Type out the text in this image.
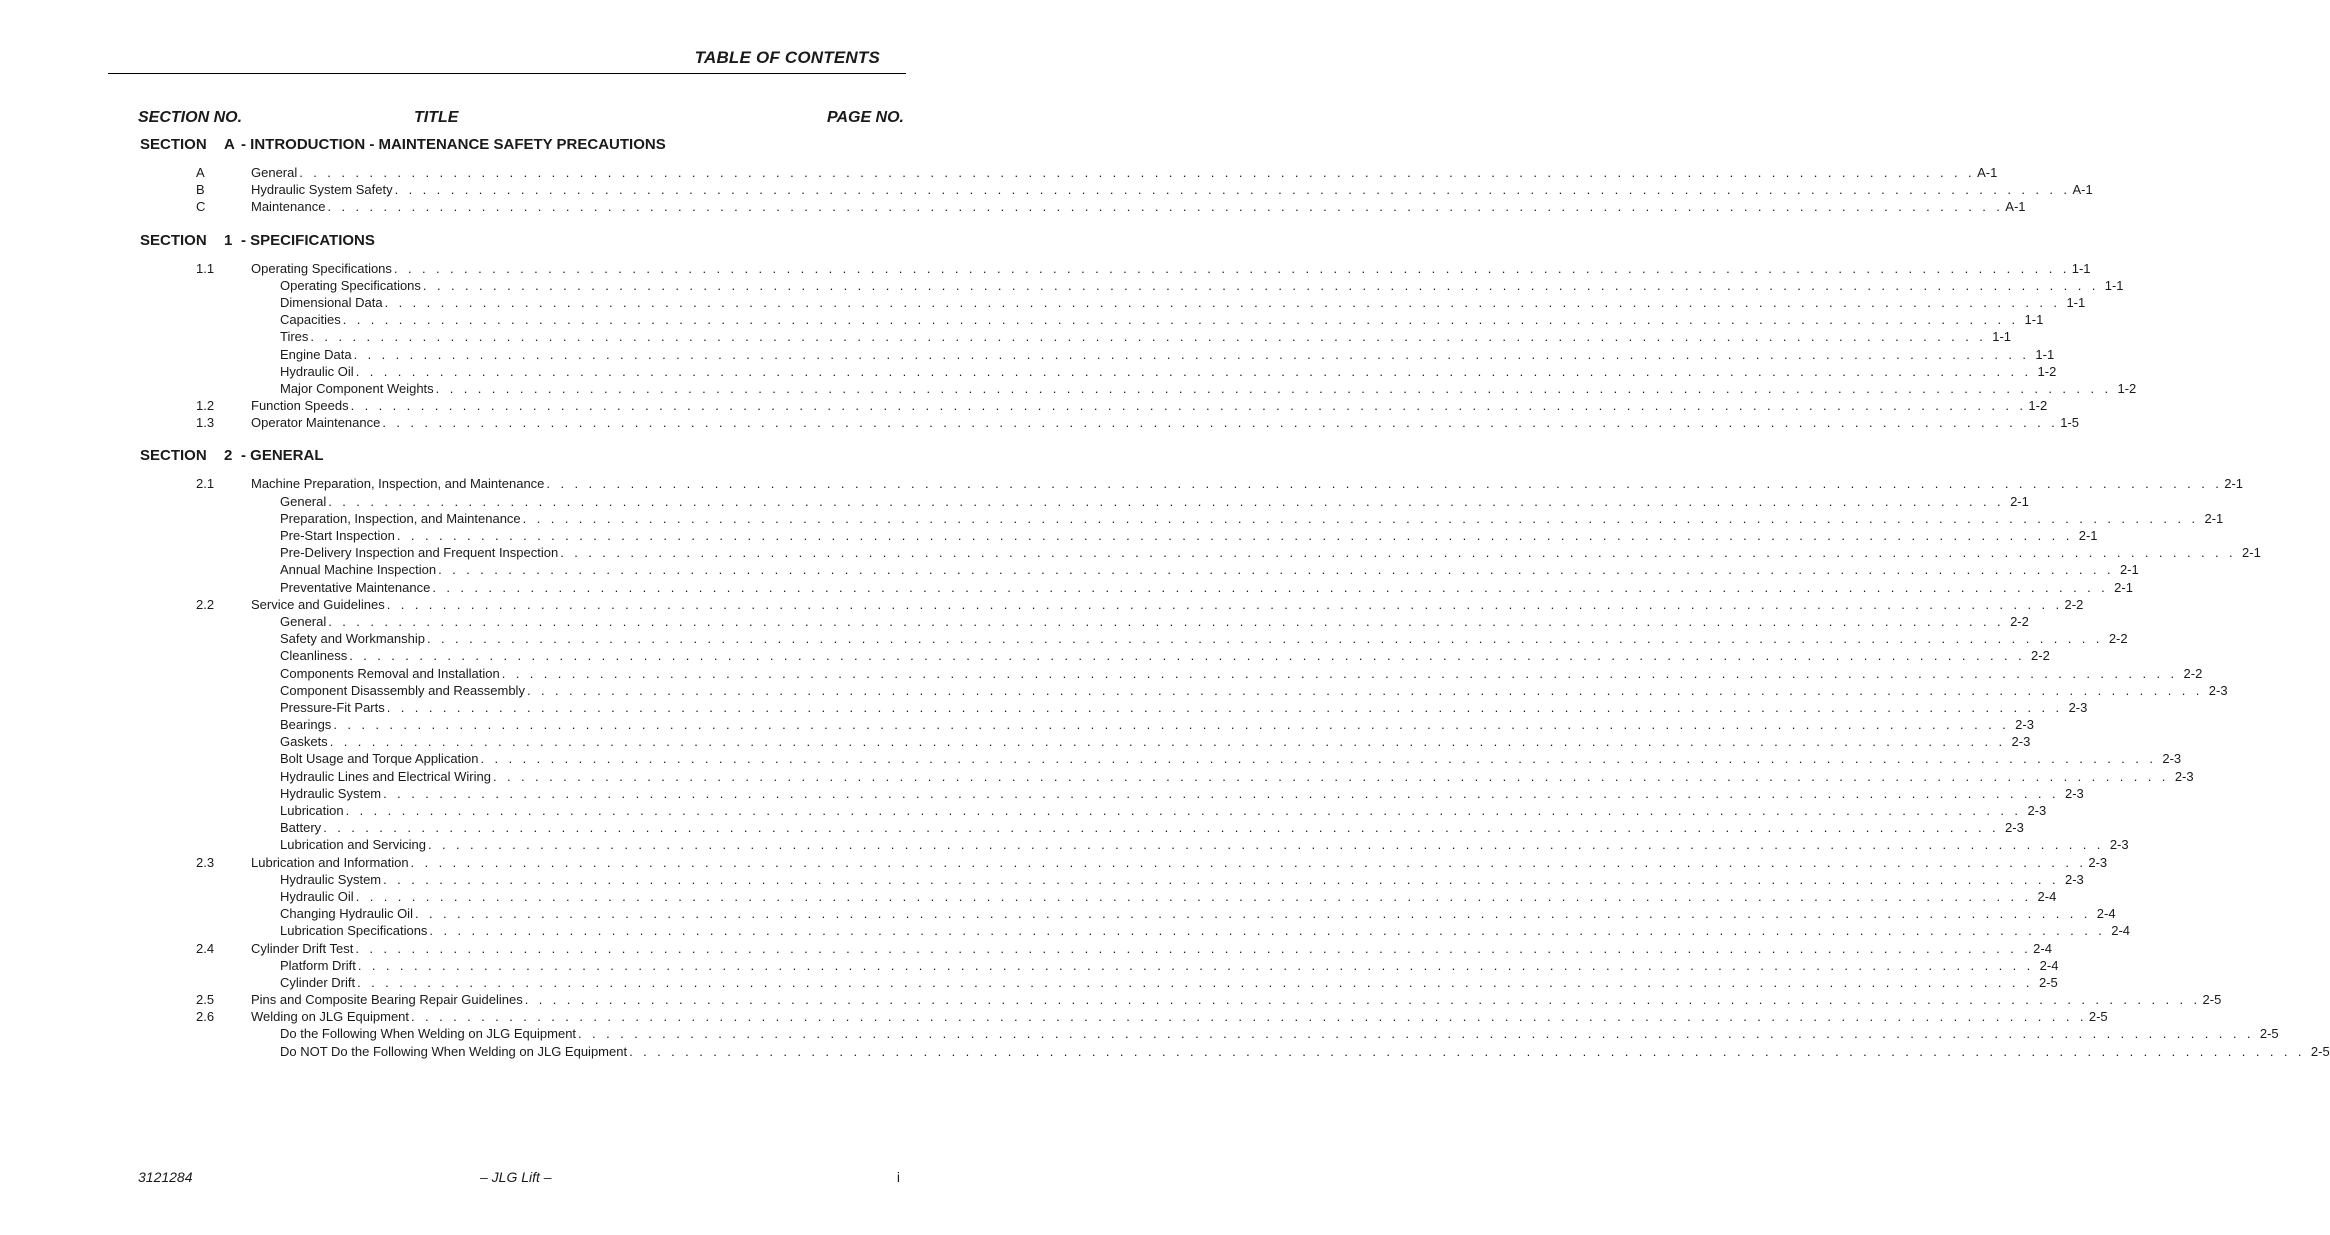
TABLE OF CONTENTS
SECTION NO.	TITLE	PAGE NO.
SECTION A - INTRODUCTION - MAINTENANCE SAFETY PRECAUTIONS
A	General . . . . . . . . . . . . . . . . . . . . . . . . . . . . . . . . . . . . . . . . . . . . . . . . . . . . . . . . . . . . . . . . . . . . . . . . . . . . . . . . . . . . . . . . . . . . . . . . . . . . . . . . . . . . . . . . . . . . . . . . A-1
B	Hydraulic System Safety . . . . . . . . . . . . . . . . . . . . . . . . . . . . . . . . . . . . . . . . . . . . . . . . . . . . . . . . . . . . . . . . . . . . . . . . . . . . . . . . . . . . . . . . . . . . . . . . . . . . . . . . . . . . . . . . . . . . . . . . A-1
C	Maintenance . . . . . . . . . . . . . . . . . . . . . . . . . . . . . . . . . . . . . . . . . . . . . . . . . . . . . . . . . . . . . . . . . . . . . . . . . . . . . . . . . . . . . . . . . . . . . . . . . . . . . . . . . . . . . . . . . . . . . . . . A-1
SECTION 1 - SPECIFICATIONS
1.1	Operating Specifications . . . . . . . . . . . . . . . . . . . . . . . . . . . . . . . . . . . . . . . . . . . . . . . . . . . . . . . . . . . . . . . . . . . . . . . . . . . . . . . . . . . . . . . . . . . . . . . . . . . . . . . . . . . . . . . . . . . . . . . . 1-1
Operating Specifications . . . . . . . . . . . . . . . . . . . . . . . . . . . . . . . . . . . . . . . . . . . . . . . . . . . . . . . . . . . . . . . . . . . . . . . . . . . . . . . . . . . . . . . . . . . . . . . . . . . . . . . . . . . . . . . . . . . . . . . . 1-1
Dimensional Data . . . . . . . . . . . . . . . . . . . . . . . . . . . . . . . . . . . . . . . . . . . . . . . . . . . . . . . . . . . . . . . . . . . . . . . . . . . . . . . . . . . . . . . . . . . . . . . . . . . . . . . . . . . . . . . . . . . . . . . . 1-1
Capacities . . . . . . . . . . . . . . . . . . . . . . . . . . . . . . . . . . . . . . . . . . . . . . . . . . . . . . . . . . . . . . . . . . . . . . . . . . . . . . . . . . . . . . . . . . . . . . . . . . . . . . . . . . . . . . . . . . . . . . . . 1-1
Tires . . . . . . . . . . . . . . . . . . . . . . . . . . . . . . . . . . . . . . . . . . . . . . . . . . . . . . . . . . . . . . . . . . . . . . . . . . . . . . . . . . . . . . . . . . . . . . . . . . . . . . . . . . . . . . . . . . . . . . . . 1-1
Engine Data . . . . . . . . . . . . . . . . . . . . . . . . . . . . . . . . . . . . . . . . . . . . . . . . . . . . . . . . . . . . . . . . . . . . . . . . . . . . . . . . . . . . . . . . . . . . . . . . . . . . . . . . . . . . . . . . . . . . . . . . 1-1
Hydraulic Oil . . . . . . . . . . . . . . . . . . . . . . . . . . . . . . . . . . . . . . . . . . . . . . . . . . . . . . . . . . . . . . . . . . . . . . . . . . . . . . . . . . . . . . . . . . . . . . . . . . . . . . . . . . . . . . . . . . . . . . . . 1-2
Major Component Weights . . . . . . . . . . . . . . . . . . . . . . . . . . . . . . . . . . . . . . . . . . . . . . . . . . . . . . . . . . . . . . . . . . . . . . . . . . . . . . . . . . . . . . . . . . . . . . . . . . . . . . . . . . . . . . . . . . . . . . . . 1-2
1.2	Function Speeds . . . . . . . . . . . . . . . . . . . . . . . . . . . . . . . . . . . . . . . . . . . . . . . . . . . . . . . . . . . . . . . . . . . . . . . . . . . . . . . . . . . . . . . . . . . . . . . . . . . . . . . . . . . . . . . . . . . . . . . . 1-2
1.3	Operator Maintenance . . . . . . . . . . . . . . . . . . . . . . . . . . . . . . . . . . . . . . . . . . . . . . . . . . . . . . . . . . . . . . . . . . . . . . . . . . . . . . . . . . . . . . . . . . . . . . . . . . . . . . . . . . . . . . . . . . . . . . . . 1-5
SECTION 2 - GENERAL
2.1	Machine Preparation, Inspection, and Maintenance . . . . . . . . . . . . . . . . . . . . . . . . . . . . . . . . . . . . . . . . . . . . . . . . . . . . . . . . . . . . . . . . . . . . . . . . . . . . . . . . . . . . . . . . . . . . . . . . . . . . . . . . . . . . . . . . . . . . . . . . 2-1
General . . . . . . . . . . . . . . . . . . . . . . . . . . . . . . . . . . . . . . . . . . . . . . . . . . . . . . . . . . . . . . . . . . . . . . . . . . . . . . . . . . . . . . . . . . . . . . . . . . . . . . . . . . . . . . . . . . . . . . . . 2-1
Preparation, Inspection, and Maintenance . . . . . . . . . . . . . . . . . . . . . . . . . . . . . . . . . . . . . . . . . . . . . . . . . . . . . . . . . . . . . . . . . . . . . . . . . . . . . . . . . . . . . . . . . . . . . . . . . . . . . . . . . . . . . . . . . . . . . . . . 2-1
Pre-Start Inspection . . . . . . . . . . . . . . . . . . . . . . . . . . . . . . . . . . . . . . . . . . . . . . . . . . . . . . . . . . . . . . . . . . . . . . . . . . . . . . . . . . . . . . . . . . . . . . . . . . . . . . . . . . . . . . . . . . . . . . . . 2-1
Pre-Delivery Inspection and Frequent Inspection . . . . . . . . . . . . . . . . . . . . . . . . . . . . . . . . . . . . . . . . . . . . . . . . . . . . . . . . . . . . . . . . . . . . . . . . . . . . . . . . . . . . . . . . . . . . . . . . . . . . . . . . . . . . . . . . . . . . . . . . 2-1
Annual Machine Inspection . . . . . . . . . . . . . . . . . . . . . . . . . . . . . . . . . . . . . . . . . . . . . . . . . . . . . . . . . . . . . . . . . . . . . . . . . . . . . . . . . . . . . . . . . . . . . . . . . . . . . . . . . . . . . . . . . . . . . . . . 2-1
Preventative Maintenance . . . . . . . . . . . . . . . . . . . . . . . . . . . . . . . . . . . . . . . . . . . . . . . . . . . . . . . . . . . . . . . . . . . . . . . . . . . . . . . . . . . . . . . . . . . . . . . . . . . . . . . . . . . . . . . . . . . . . . . . 2-1
2.2	Service and Guidelines . . . . . . . . . . . . . . . . . . . . . . . . . . . . . . . . . . . . . . . . . . . . . . . . . . . . . . . . . . . . . . . . . . . . . . . . . . . . . . . . . . . . . . . . . . . . . . . . . . . . . . . . . . . . . . . . . . . . . . . . 2-2
General . . . . . . . . . . . . . . . . . . . . . . . . . . . . . . . . . . . . . . . . . . . . . . . . . . . . . . . . . . . . . . . . . . . . . . . . . . . . . . . . . . . . . . . . . . . . . . . . . . . . . . . . . . . . . . . . . . . . . . . . 2-2
Safety and Workmanship . . . . . . . . . . . . . . . . . . . . . . . . . . . . . . . . . . . . . . . . . . . . . . . . . . . . . . . . . . . . . . . . . . . . . . . . . . . . . . . . . . . . . . . . . . . . . . . . . . . . . . . . . . . . . . . . . . . . . . . . 2-2
Cleanliness . . . . . . . . . . . . . . . . . . . . . . . . . . . . . . . . . . . . . . . . . . . . . . . . . . . . . . . . . . . . . . . . . . . . . . . . . . . . . . . . . . . . . . . . . . . . . . . . . . . . . . . . . . . . . . . . . . . . . . . . 2-2
Components Removal and Installation . . . . . . . . . . . . . . . . . . . . . . . . . . . . . . . . . . . . . . . . . . . . . . . . . . . . . . . . . . . . . . . . . . . . . . . . . . . . . . . . . . . . . . . . . . . . . . . . . . . . . . . . . . . . . . . . . . . . . . . . 2-2
Component Disassembly and Reassembly . . . . . . . . . . . . . . . . . . . . . . . . . . . . . . . . . . . . . . . . . . . . . . . . . . . . . . . . . . . . . . . . . . . . . . . . . . . . . . . . . . . . . . . . . . . . . . . . . . . . . . . . . . . . . . . . . . . . . . . . 2-3
Pressure-Fit Parts . . . . . . . . . . . . . . . . . . . . . . . . . . . . . . . . . . . . . . . . . . . . . . . . . . . . . . . . . . . . . . . . . . . . . . . . . . . . . . . . . . . . . . . . . . . . . . . . . . . . . . . . . . . . . . . . . . . . . . . . 2-3
Bearings . . . . . . . . . . . . . . . . . . . . . . . . . . . . . . . . . . . . . . . . . . . . . . . . . . . . . . . . . . . . . . . . . . . . . . . . . . . . . . . . . . . . . . . . . . . . . . . . . . . . . . . . . . . . . . . . . . . . . . . . 2-3
Gaskets . . . . . . . . . . . . . . . . . . . . . . . . . . . . . . . . . . . . . . . . . . . . . . . . . . . . . . . . . . . . . . . . . . . . . . . . . . . . . . . . . . . . . . . . . . . . . . . . . . . . . . . . . . . . . . . . . . . . . . . . 2-3
Bolt Usage and Torque Application . . . . . . . . . . . . . . . . . . . . . . . . . . . . . . . . . . . . . . . . . . . . . . . . . . . . . . . . . . . . . . . . . . . . . . . . . . . . . . . . . . . . . . . . . . . . . . . . . . . . . . . . . . . . . . . . . . . . . . . . 2-3
Hydraulic Lines and Electrical Wiring . . . . . . . . . . . . . . . . . . . . . . . . . . . . . . . . . . . . . . . . . . . . . . . . . . . . . . . . . . . . . . . . . . . . . . . . . . . . . . . . . . . . . . . . . . . . . . . . . . . . . . . . . . . . . . . . . . . . . . . . 2-3
Hydraulic System . . . . . . . . . . . . . . . . . . . . . . . . . . . . . . . . . . . . . . . . . . . . . . . . . . . . . . . . . . . . . . . . . . . . . . . . . . . . . . . . . . . . . . . . . . . . . . . . . . . . . . . . . . . . . . . . . . . . . . . . 2-3
Lubrication . . . . . . . . . . . . . . . . . . . . . . . . . . . . . . . . . . . . . . . . . . . . . . . . . . . . . . . . . . . . . . . . . . . . . . . . . . . . . . . . . . . . . . . . . . . . . . . . . . . . . . . . . . . . . . . . . . . . . . . . 2-3
Battery . . . . . . . . . . . . . . . . . . . . . . . . . . . . . . . . . . . . . . . . . . . . . . . . . . . . . . . . . . . . . . . . . . . . . . . . . . . . . . . . . . . . . . . . . . . . . . . . . . . . . . . . . . . . . . . . . . . . . . . . 2-3
Lubrication and Servicing . . . . . . . . . . . . . . . . . . . . . . . . . . . . . . . . . . . . . . . . . . . . . . . . . . . . . . . . . . . . . . . . . . . . . . . . . . . . . . . . . . . . . . . . . . . . . . . . . . . . . . . . . . . . . . . . . . . . . . . . 2-3
2.3	Lubrication and Information . . . . . . . . . . . . . . . . . . . . . . . . . . . . . . . . . . . . . . . . . . . . . . . . . . . . . . . . . . . . . . . . . . . . . . . . . . . . . . . . . . . . . . . . . . . . . . . . . . . . . . . . . . . . . . . . . . . . . . . . 2-3
Hydraulic System . . . . . . . . . . . . . . . . . . . . . . . . . . . . . . . . . . . . . . . . . . . . . . . . . . . . . . . . . . . . . . . . . . . . . . . . . . . . . . . . . . . . . . . . . . . . . . . . . . . . . . . . . . . . . . . . . . . . . . . . 2-3
Hydraulic Oil . . . . . . . . . . . . . . . . . . . . . . . . . . . . . . . . . . . . . . . . . . . . . . . . . . . . . . . . . . . . . . . . . . . . . . . . . . . . . . . . . . . . . . . . . . . . . . . . . . . . . . . . . . . . . . . . . . . . . . . . 2-4
Changing Hydraulic Oil . . . . . . . . . . . . . . . . . . . . . . . . . . . . . . . . . . . . . . . . . . . . . . . . . . . . . . . . . . . . . . . . . . . . . . . . . . . . . . . . . . . . . . . . . . . . . . . . . . . . . . . . . . . . . . . . . . . . . . . . 2-4
Lubrication Specifications . . . . . . . . . . . . . . . . . . . . . . . . . . . . . . . . . . . . . . . . . . . . . . . . . . . . . . . . . . . . . . . . . . . . . . . . . . . . . . . . . . . . . . . . . . . . . . . . . . . . . . . . . . . . . . . . . . . . . . . . 2-4
2.4	Cylinder Drift Test . . . . . . . . . . . . . . . . . . . . . . . . . . . . . . . . . . . . . . . . . . . . . . . . . . . . . . . . . . . . . . . . . . . . . . . . . . . . . . . . . . . . . . . . . . . . . . . . . . . . . . . . . . . . . . . . . . . . . . . . 2-4
Platform Drift . . . . . . . . . . . . . . . . . . . . . . . . . . . . . . . . . . . . . . . . . . . . . . . . . . . . . . . . . . . . . . . . . . . . . . . . . . . . . . . . . . . . . . . . . . . . . . . . . . . . . . . . . . . . . . . . . . . . . . . . 2-4
Cylinder Drift . . . . . . . . . . . . . . . . . . . . . . . . . . . . . . . . . . . . . . . . . . . . . . . . . . . . . . . . . . . . . . . . . . . . . . . . . . . . . . . . . . . . . . . . . . . . . . . . . . . . . . . . . . . . . . . . . . . . . . . . 2-5
2.5	Pins and Composite Bearing Repair Guidelines . . . . . . . . . . . . . . . . . . . . . . . . . . . . . . . . . . . . . . . . . . . . . . . . . . . . . . . . . . . . . . . . . . . . . . . . . . . . . . . . . . . . . . . . . . . . . . . . . . . . . . . . . . . . . . . . . . . . . . . . 2-5
2.6	Welding on JLG Equipment . . . . . . . . . . . . . . . . . . . . . . . . . . . . . . . . . . . . . . . . . . . . . . . . . . . . . . . . . . . . . . . . . . . . . . . . . . . . . . . . . . . . . . . . . . . . . . . . . . . . . . . . . . . . . . . . . . . . . . . . 2-5
Do the Following When Welding on JLG Equipment . . . . . . . . . . . . . . . . . . . . . . . . . . . . . . . . . . . . . . . . . . . . . . . . . . . . . . . . . . . . . . . . . . . . . . . . . . . . . . . . . . . . . . . . . . . . . . . . . . . . . . . . . . . . . . . . . . . . . . . . 2-5
Do NOT Do the Following When Welding on JLG Equipment . . . . . . . . . . . . . . . . . . . . . . . . . . . . . . . . . . . . . . . . . . . . . . . . . . . . . . . . . . . . . . . . . . . . . . . . . . . . . . . . . . . . . . . . . . . . . . . . . . . . . . . . . . . . . . . . . . . . . . . . 2-5
3121284	– JLG Lift –	i
